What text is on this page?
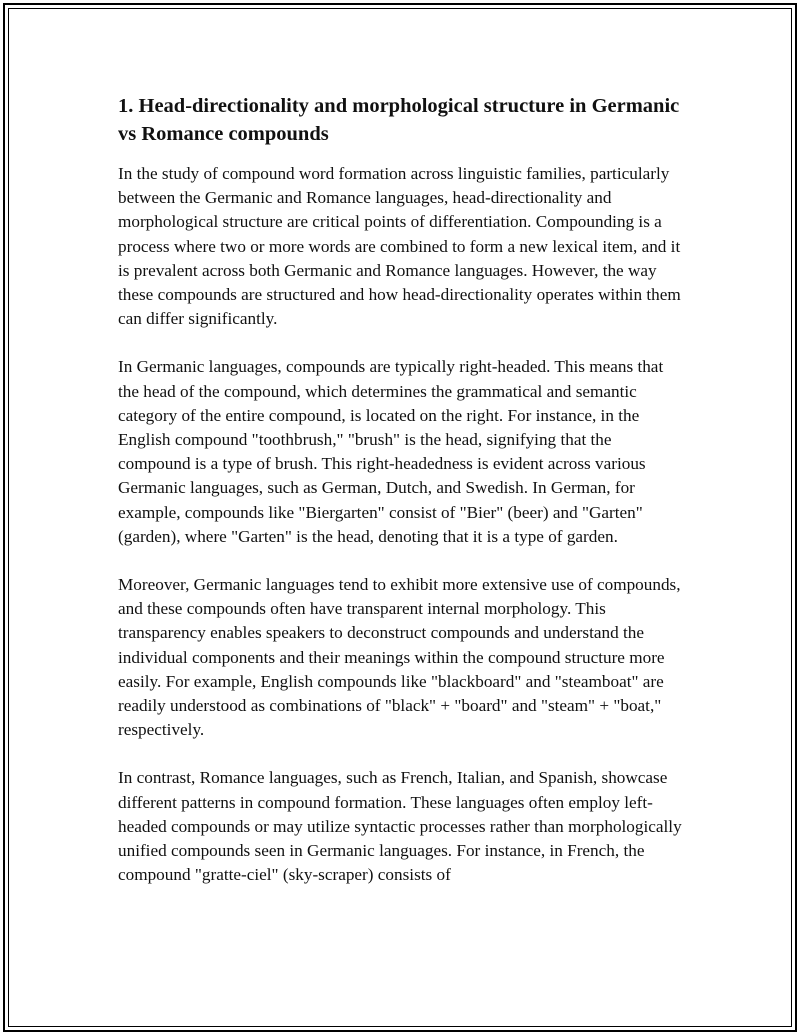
1. Head-directionality and morphological structure in Germanic vs Romance compounds

In the study of compound word formation across linguistic families, particularly between the Germanic and Romance languages, head-directionality and morphological structure are critical points of differentiation. Compounding is a process where two or more words are combined to form a new lexical item, and it is prevalent across both Germanic and Romance languages. However, the way these compounds are structured and how head-directionality operates within them can differ significantly.

In Germanic languages, compounds are typically right-headed. This means that the head of the compound, which determines the grammatical and semantic category of the entire compound, is located on the right. For instance, in the English compound "toothbrush," "brush" is the head, signifying that the compound is a type of brush. This right-headedness is evident across various Germanic languages, such as German, Dutch, and Swedish. In German, for example, compounds like "Biergarten" consist of "Bier" (beer) and "Garten" (garden), where "Garten" is the head, denoting that it is a type of garden.

Moreover, Germanic languages tend to exhibit more extensive use of compounds, and these compounds often have transparent internal morphology. This transparency enables speakers to deconstruct compounds and understand the individual components and their meanings within the compound structure more easily. For example, English compounds like "blackboard" and "steamboat" are readily understood as combinations of "black" + "board" and "steam" + "boat," respectively.

In contrast, Romance languages, such as French, Italian, and Spanish, showcase different patterns in compound formation. These languages often employ left-headed compounds or may utilize syntactic processes rather than morphologically unified compounds seen in Germanic languages. For instance, in French, the compound "gratte-ciel" (sky-scraper) consists of
